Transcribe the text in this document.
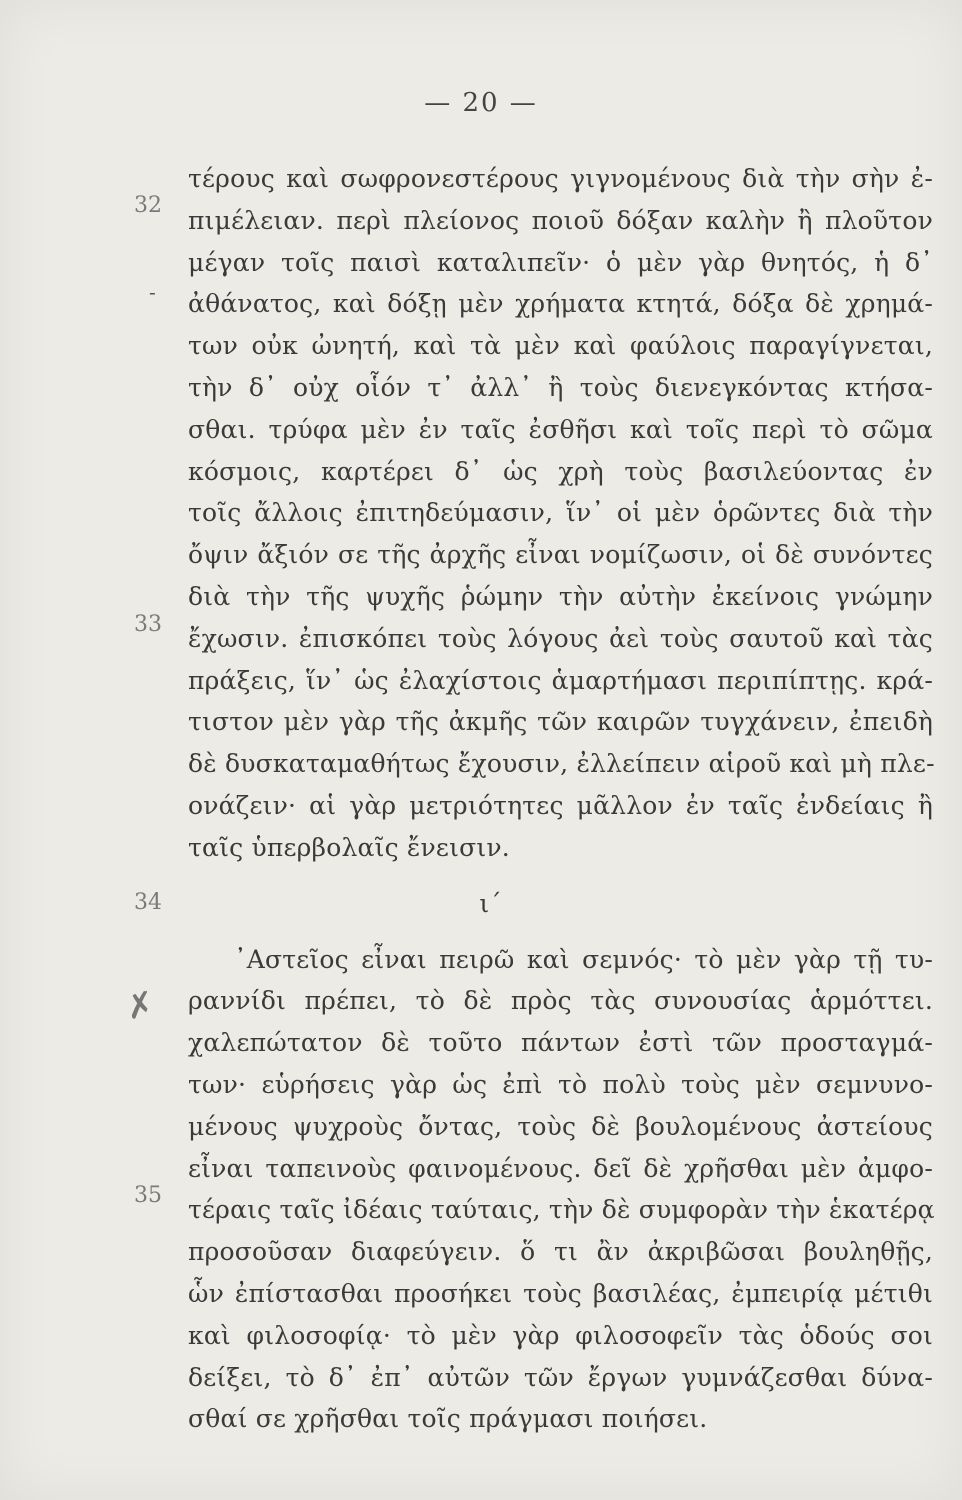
— 20 —
32
-
33
34
35
✗
τέρους καὶ σωφρονεστέρους γιγνομένους διὰ τὴν σὴν ἐ-
πιμέλειαν. περὶ πλείονος ποιοῦ δόξαν καλὴν ἢ πλοῦτον
μέγαν τοῖς παισὶ καταλιπεῖν· ὁ μὲν γὰρ θνητός, ἡ δ᾿
ἀθάνατος, καὶ δόξῃ μὲν χρήματα κτητά, δόξα δὲ χρημά-
των οὐκ ὠνητή, καὶ τὰ μὲν καὶ φαύλοις παραγίγνεται,
τὴν δ᾿ οὐχ οἷόν τ᾿ ἀλλ᾿ ἢ τοὺς διενεγκόντας κτήσα-
σθαι. τρύφα μὲν ἐν ταῖς ἐσθῆσι καὶ τοῖς περὶ τὸ σῶμα
κόσμοις, καρτέρει δ᾿ ὡς χρὴ τοὺς βασιλεύοντας ἐν
τοῖς ἄλλοις ἐπιτηδεύμασιν, ἵν᾿ οἱ μὲν ὁρῶντες διὰ τὴν
ὄψιν ἄξιόν σε τῆς ἀρχῆς εἶναι νομίζωσιν, οἱ δὲ συνόντες
διὰ τὴν τῆς ψυχῆς ῥώμην τὴν αὐτὴν ἐκείνοις γνώμην
ἔχωσιν. ἐπισκόπει τοὺς λόγους ἀεὶ τοὺς σαυτοῦ καὶ τὰς
πράξεις, ἵν᾿ ὡς ἐλαχίστοις ἁμαρτήμασι περιπίπτῃς. κρά-
τιστον μὲν γὰρ τῆς ἀκμῆς τῶν καιρῶν τυγχάνειν, ἐπειδὴ
δὲ δυσκαταμαθήτως ἔχουσιν, ἐλλείπειν αἱροῦ καὶ μὴ πλε-
ονάζειν· αἱ γὰρ μετριότητες μᾶλλον ἐν ταῖς ἐνδείαις ἢ
ταῖς ὑπερβολαῖς ἔνεισιν.
ι΄
᾿Αστεῖος εἶναι πειρῶ καὶ σεμνός· τὸ μὲν γὰρ τῇ τυ-
ραννίδι πρέπει, τὸ δὲ πρὸς τὰς συνουσίας ἁρμόττει.
χαλεπώτατον δὲ τοῦτο πάντων ἐστὶ τῶν προσταγμά-
των· εὑρήσεις γὰρ ὡς ἐπὶ τὸ πολὺ τοὺς μὲν σεμνυνο-
μένους ψυχροὺς ὄντας, τοὺς δὲ βουλομένους ἀστείους
εἶναι ταπεινοὺς φαινομένους. δεῖ δὲ χρῆσθαι μὲν ἀμφο-
τέραις ταῖς ἰδέαις ταύταις, τὴν δὲ συμφορὰν τὴν ἑκατέρᾳ
προσοῦσαν διαφεύγειν. ὅ τι ἂν ἀκριβῶσαι βουληθῇς,
ὧν ἐπίστασθαι προσήκει τοὺς βασιλέας, ἐμπειρίᾳ μέτιθι
καὶ φιλοσοφίᾳ· τὸ μὲν γὰρ φιλοσοφεῖν τὰς ὁδούς σοι
δείξει, τὸ δ᾿ ἐπ᾿ αὐτῶν τῶν ἔργων γυμνάζεσθαι δύνα-
σθαί σε χρῆσθαι τοῖς πράγμασι ποιήσει.
